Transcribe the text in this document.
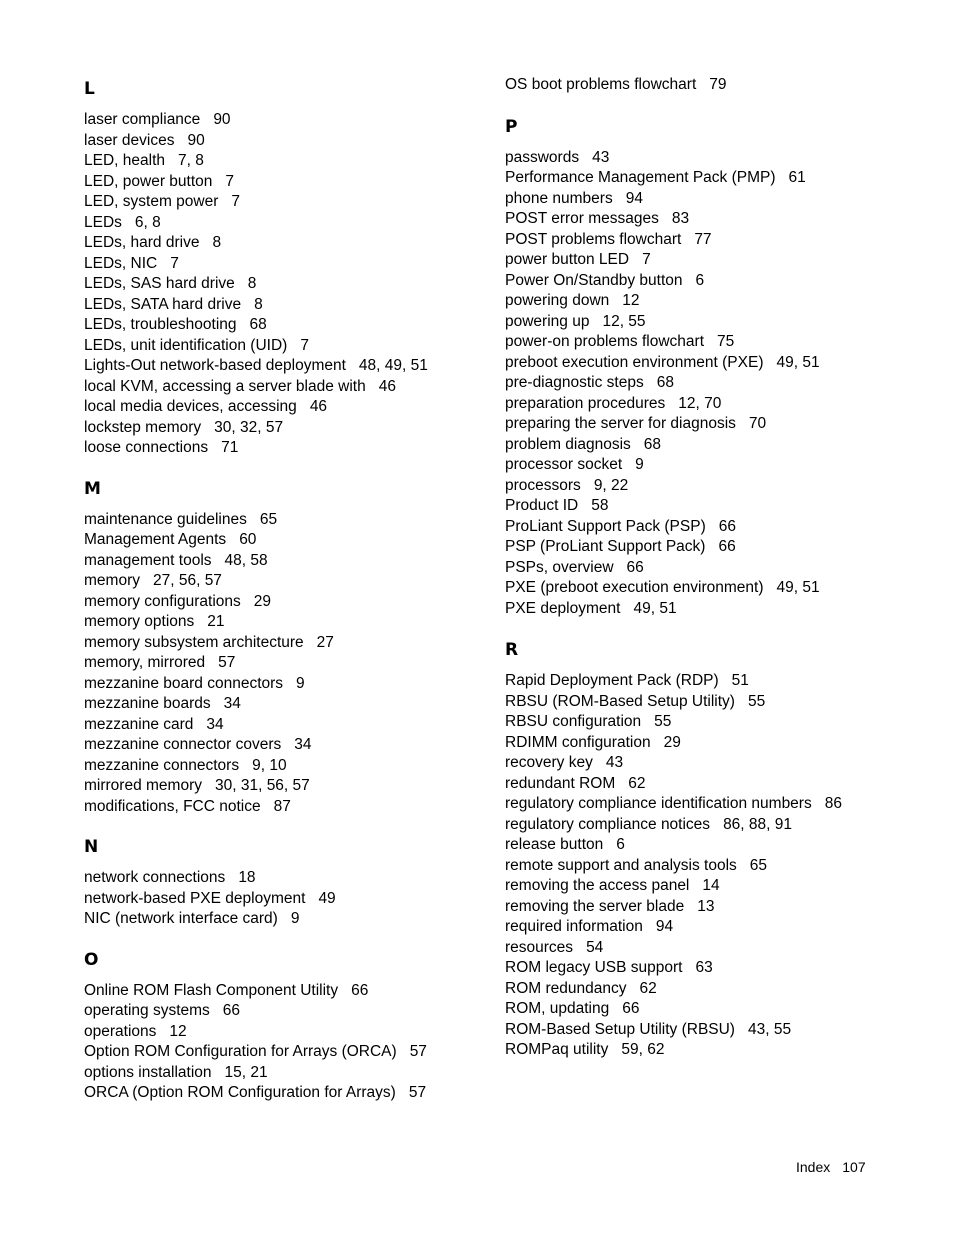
L
laser compliance 90
laser devices 90
LED, health 7, 8
LED, power button 7
LED, system power 7
LEDs 6, 8
LEDs, hard drive 8
LEDs, NIC 7
LEDs, SAS hard drive 8
LEDs, SATA hard drive 8
LEDs, troubleshooting 68
LEDs, unit identification (UID) 7
Lights-Out network-based deployment 48, 49, 51
local KVM, accessing a server blade with 46
local media devices, accessing 46
lockstep memory 30, 32, 57
loose connections 71
M
maintenance guidelines 65
Management Agents 60
management tools 48, 58
memory 27, 56, 57
memory configurations 29
memory options 21
memory subsystem architecture 27
memory, mirrored 57
mezzanine board connectors 9
mezzanine boards 34
mezzanine card 34
mezzanine connector covers 34
mezzanine connectors 9, 10
mirrored memory 30, 31, 56, 57
modifications, FCC notice 87
N
network connections 18
network-based PXE deployment 49
NIC (network interface card) 9
O
Online ROM Flash Component Utility 66
operating systems 66
operations 12
Option ROM Configuration for Arrays (ORCA) 57
options installation 15, 21
ORCA (Option ROM Configuration for Arrays) 57
OS boot problems flowchart 79
P
passwords 43
Performance Management Pack (PMP) 61
phone numbers 94
POST error messages 83
POST problems flowchart 77
power button LED 7
Power On/Standby button 6
powering down 12
powering up 12, 55
power-on problems flowchart 75
preboot execution environment (PXE) 49, 51
pre-diagnostic steps 68
preparation procedures 12, 70
preparing the server for diagnosis 70
problem diagnosis 68
processor socket 9
processors 9, 22
Product ID 58
ProLiant Support Pack (PSP) 66
PSP (ProLiant Support Pack) 66
PSPs, overview 66
PXE (preboot execution environment) 49, 51
PXE deployment 49, 51
R
Rapid Deployment Pack (RDP) 51
RBSU (ROM-Based Setup Utility) 55
RBSU configuration 55
RDIMM configuration 29
recovery key 43
redundant ROM 62
regulatory compliance identification numbers 86
regulatory compliance notices 86, 88, 91
release button 6
remote support and analysis tools 65
removing the access panel 14
removing the server blade 13
required information 94
resources 54
ROM legacy USB support 63
ROM redundancy 62
ROM, updating 66
ROM-Based Setup Utility (RBSU) 43, 55
ROMPaq utility 59, 62
Index 107
